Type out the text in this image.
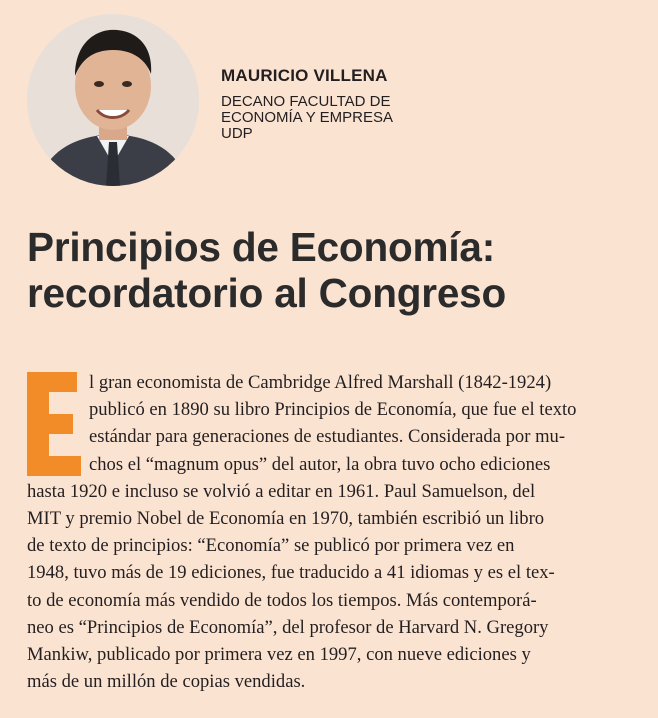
MAURICIO VILLENA
DECANO FACULTAD DE
ECONOMÍA Y EMPRESA
UDP
Principios de Economía:
recordatorio al Congreso
l gran economista de Cambridge Alfred Marshall (1842-1924)
publicó en 1890 su libro Principios de Economía, que fue el texto
estándar para generaciones de estudiantes. Considerada por mu-
chos el “magnum opus” del autor, la obra tuvo ocho ediciones
hasta 1920 e incluso se volvió a editar en 1961. Paul Samuelson, del
MIT y premio Nobel de Economía en 1970, también escribió un libro
de texto de principios: “Economía” se publicó por primera vez en
1948, tuvo más de 19 ediciones, fue traducido a 41 idiomas y es el tex-
to de economía más vendido de todos los tiempos. Más contemporá-
neo es “Principios de Economía”, del profesor de Harvard N. Gregory
Mankiw, publicado por primera vez en 1997, con nueve ediciones y
más de un millón de copias vendidas.
